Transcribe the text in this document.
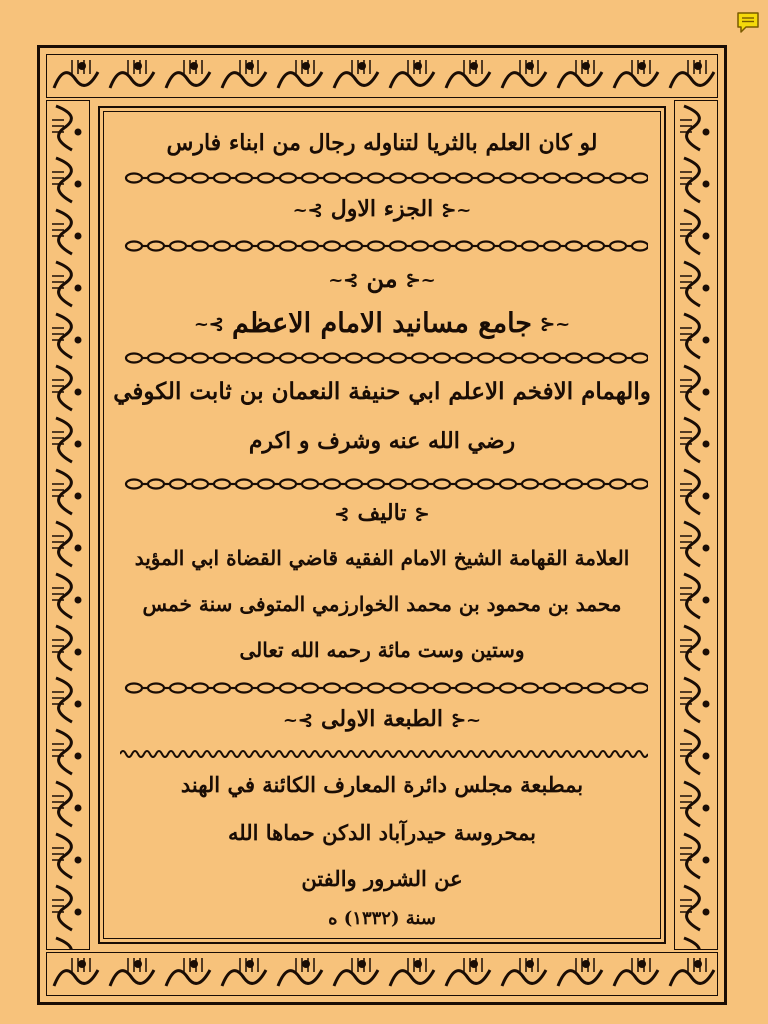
لو كان العلم بالثريا لتناوله رجال من ابناء فارس
~⊰الجزء الاول⊱~
~⊰من⊱~
~⊰جامع مسانيد الامام الاعظم⊱~
والهمام الافخم الاعلم ابي حنيفة النعمان بن ثابت الكوفي
رضي الله عنه وشرف و اكرم
⊰تاليف⊱
العلامة القهامة الشيخ الامام الفقيه قاضي القضاة ابي المؤيد
محمد بن محمود بن محمد الخوارزمي المتوفى سنة خمس
وستين وست مائة رحمه الله تعالى
~⊰الطبعة الاولى⊱~
بمطبعة مجلس دائرة المعارف الكائنة في الهند
بمحروسة حيدرآباد الدكن حماها الله
عن الشرور والفتن
سنة (١٣٣٢) ه
